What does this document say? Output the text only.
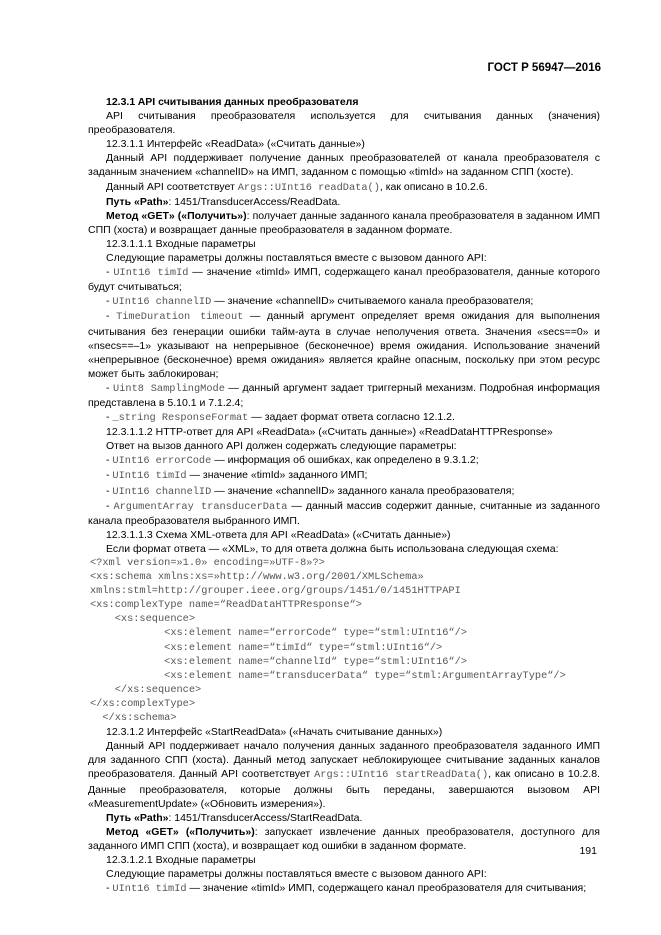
ГОСТ Р 56947—2016

12.3.1 API считывания данных преобразователя

API считывания преобразователя используется для считывания данных (значения) преобразователя.

12.3.1.1 Интерфейс «ReadData» («Считать данные»)

Данный API поддерживает получение данных преобразователей от канала преобразователя с заданным значением «channelID» на ИМП, заданном с помощью «timId» на заданном СПП (хосте).

Данный API соответствует Args::UInt16 readData(), как описано в 10.2.6.

Путь «Path»: 1451/TransducerAccess/ReadData.

Метод «GET» («Получить»): получает данные заданного канала преобразователя в заданном ИМП СПП (хоста) и возвращает данные преобразователя в заданном формате.

12.3.1.1.1 Входные параметры

Следующие параметры должны поставляться вместе с вызовом данного API:

- UInt16 timId — значение «timId» ИМП, содержащего канал преобразователя, данные которого будут считываться;

- UInt16 channelID — значение «channelID» считываемого канала преобразователя;

- TimeDuration timeout — данный аргумент определяет время ожидания для выполнения считывания без генерации ошибки тайм-аута в случае неполучения ответа. Значения «secs==0» и «nsecs==–1» указывают на непрерывное (бесконечное) время ожидания. Использование значений «непрерывное (бесконечное) время ожидания» является крайне опасным, поскольку при этом ресурс может быть заблокирован;

- Uint8 SamplingMode — данный аргумент задает триггерный механизм. Подробная информация представлена в 5.10.1 и 7.1.2.4;

- _string ResponseFormat — задает формат ответа согласно 12.1.2.

12.3.1.1.2 HTTP-ответ для API «ReadData» («Считать данные») «ReadDataHTTPResponse»

Ответ на вызов данного API должен содержать следующие параметры:

- UInt16 errorCode — информация об ошибках, как определено в 9.3.1.2;

- UInt16 timId — значение «timId» заданного ИМП;

- UInt16 channelID — значение «channelID» заданного канала преобразователя;

- ArgumentArray transducerData — данный массив содержит данные, считанные из заданного канала преобразователя выбранного ИМП.

12.3.1.1.3 Схема XML-ответа для API «ReadData» («Считать данные»)

Если формат ответа — «XML», то для ответа должна быть использована следующая схема:

<?xml version=»1.0» encoding=»UTF-8»?>
<xs:schema xmlns:xs=»http://www.w3.org/2001/XMLSchema»
xmlns:stml=http://grouper.ieee.org/groups/1451/0/1451HTTPAPI
<xs:complexType name=“ReadDataHTTPResponse“>
<xs:sequence>
<xs:element name=“errorCode“ type=“stml:UInt16“/>
<xs:element name=“timId“ type=“stml:UInt16“/>
<xs:element name=“channelId“ type=“stml:UInt16“/>
<xs:element name=“transducerData“ type=“stml:ArgumentArrayType“/>
</xs:sequence>
</xs:complexType>
</xs:schema>

12.3.1.2 Интерфейс «StartReadData» («Начать считывание данных»)

Данный API поддерживает начало получения данных заданного преобразователя заданного ИМП для заданного СПП (хоста). Данный метод запускает неблокирующее считывание заданных каналов преобразователя. Данный API соответствует Args::UInt16 startReadData(), как описано в 10.2.8. Данные преобразователя, которые должны быть переданы, завершаются вызовом API «MeasurementUpdate» («Обновить измерения»).

Путь «Path»: 1451/TransducerAccess/StartReadData.

Метод «GET» («Получить»): запускает извлечение данных преобразователя, доступного для заданного ИМП СПП (хоста), и возвращает код ошибки в заданном формате.

12.3.1.2.1 Входные параметры

Следующие параметры должны поставляться вместе с вызовом данного API:

- UInt16 timId — значение «timId» ИМП, содержащего канал преобразователя для считывания;

191
